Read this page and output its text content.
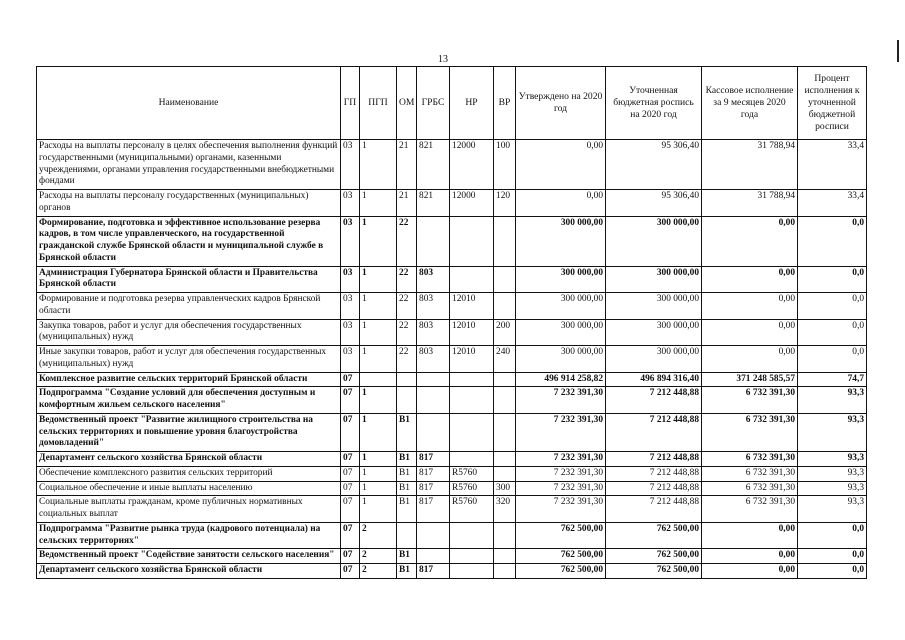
13
Наименование	ГП	ПГП	ОМ	ГРБС	НР	ВР	Утверждено на 2020 год	Уточненная бюджетная роспись на 2020 год	Кассовое исполнение за 9 месяцев 2020 года	Процент исполнения к уточненной бюджетной росписи
Расходы на выплаты персоналу в целях обеспечения выполнения функций государственными (муниципальными) органами, казенными учреждениями, органами управления государственными внебюджетными фондами	03	1	21	821	12000	100	0,00	95 306,40	31 788,94	33,4
Расходы на выплаты персоналу государственных (муниципальных) органов	03	1	21	821	12000	120	0,00	95 306,40	31 788,94	33,4
Формирование, подготовка и эффективное использование резерва кадров, в том числе управленческого, на государственной гражданской службе Брянской области и муниципальной службе в Брянской области	03	1	22				300 000,00	300 000,00	0,00	0,0
Администрация Губернатора Брянской области и Правительства Брянской области	03	1	22	803			300 000,00	300 000,00	0,00	0,0
Формирование и подготовка резерва управленческих кадров Брянской области	03	1	22	803	12010		300 000,00	300 000,00	0,00	0,0
Закупка товаров, работ и услуг для обеспечения государственных (муниципальных) нужд	03	1	22	803	12010	200	300 000,00	300 000,00	0,00	0,0
Иные закупки товаров, работ и услуг для обеспечения государственных (муниципальных) нужд	03	1	22	803	12010	240	300 000,00	300 000,00	0,00	0,0
Комплексное развитие сельских территорий Брянской области	07						496 914 258,82	496 894 316,40	371 248 585,57	74,7
Подпрограмма "Создание условий для обеспечения доступным и комфортным жильем сельского населения"	07	1					7 232 391,30	7 212 448,88	6 732 391,30	93,3
Ведомственный проект "Развитие жилищного строительства на сельских территориях и повышение уровня благоустройства домовладений"	07	1	В1				7 232 391,30	7 212 448,88	6 732 391,30	93,3
Департамент сельского хозяйства Брянской области	07	1	В1	817			7 232 391,30	7 212 448,88	6 732 391,30	93,3
Обеспечение комплексного развития сельских территорий	07	1	В1	817	R5760		7 232 391,30	7 212 448,88	6 732 391,30	93,3
Социальное обеспечение и иные выплаты населению	07	1	В1	817	R5760	300	7 232 391,30	7 212 448,88	6 732 391,30	93,3
Социальные выплаты гражданам, кроме публичных нормативных социальных выплат	07	1	В1	817	R5760	320	7 232 391,30	7 212 448,88	6 732 391,30	93,3
Подпрограмма "Развитие рынка труда (кадрового потенциала) на сельских территориях"	07	2					762 500,00	762 500,00	0,00	0,0
Ведомственный проект "Содействие занятости сельского населения"	07	2	В1				762 500,00	762 500,00	0,00	0,0
Департамент сельского хозяйства Брянской области	07	2	В1	817			762 500,00	762 500,00	0,00	0,0
